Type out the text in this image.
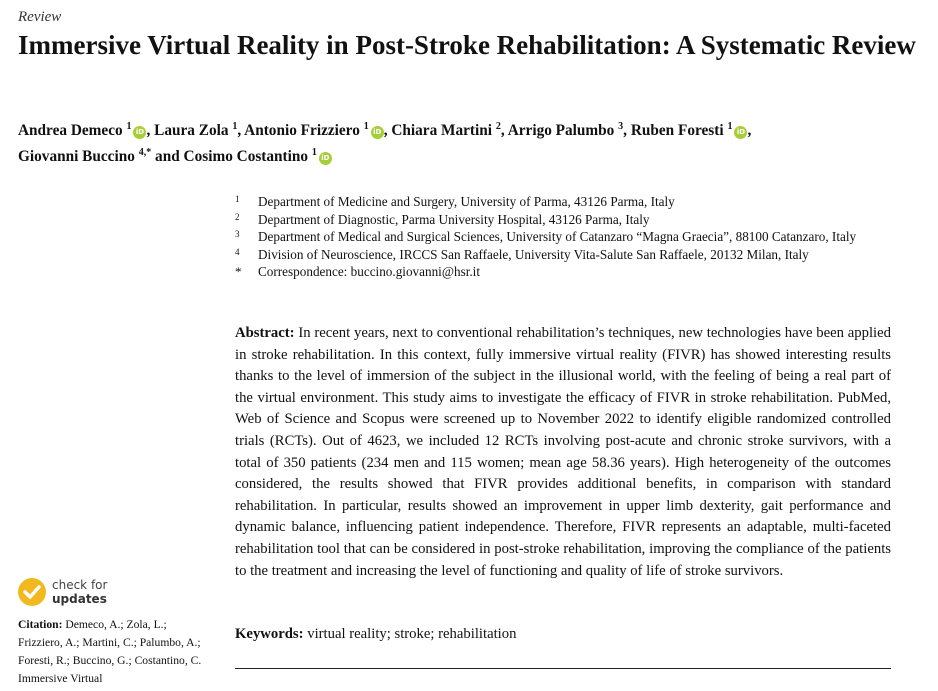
Review
Immersive Virtual Reality in Post-Stroke Rehabilitation: A Systematic Review
Andrea Demeco $^1$iD , Laura Zola $^1$, Antonio Frizziero $^1$iD , Chiara Martini $^2$, Arrigo Palumbo $^3$, Ruben Foresti $^1$iD ,
Giovanni Buccino $^{4,*}$ and Cosimo Costantino $^1$iD
1 Department of Medicine and Surgery, University of Parma, 43126 Parma, Italy
2 Department of Diagnostic, Parma University Hospital, 43126 Parma, Italy
3 Department of Medical and Surgical Sciences, University of Catanzaro “Magna Graecia”, 88100 Catanzaro, Italy
4 Division of Neuroscience, IRCCS San Raffaele, University Vita-Salute San Raffaele, 20132 Milan, Italy
* Correspondence: buccino.giovanni@hsr.it
Abstract: In recent years, next to conventional rehabilitation’s techniques, new technologies have been applied in stroke rehabilitation. In this context, fully immersive virtual reality (FIVR) has showed interesting results thanks to the level of immersion of the subject in the illusional world, with the feeling of being a real part of the virtual environment. This study aims to investigate the efficacy of FIVR in stroke rehabilitation. PubMed, Web of Science and Scopus were screened up to November 2022 to identify eligible randomized controlled trials (RCTs). Out of 4623, we included 12 RCTs involving post-acute and chronic stroke survivors, with a total of 350 patients (234 men and 115 women; mean age 58.36 years). High heterogeneity of the outcomes considered, the results showed that FIVR provides additional benefits, in comparison with standard rehabilitation. In particular, results showed an improvement in upper limb dexterity, gait performance and dynamic balance, influencing patient independence. Therefore, FIVR represents an adaptable, multi-faceted rehabilitation tool that can be considered in post-stroke rehabilitation, improving the compliance of the patients to the treatment and increasing the level of functioning and quality of life of stroke survivors.
Keywords: virtual reality; stroke; rehabilitation
check for
updates
Citation: Demeco, A.; Zola, L.; Frizziero, A.; Martini, C.; Palumbo, A.; Foresti, R.; Buccino, G.; Costantino, C. Immersive Virtual
